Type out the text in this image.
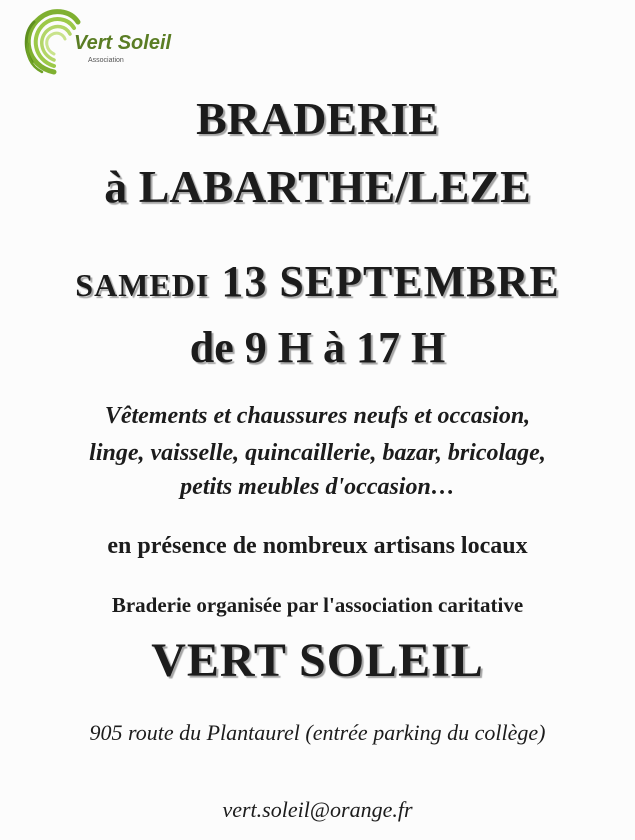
Vert Soleil
Association
BRADERIE
à LABARTHE/LEZE
SAMEDI 13 SEPTEMBRE
de 9 H à 17 H
Vêtements et chaussures neufs et occasion,
linge, vaisselle, quincaillerie, bazar, bricolage,
petits meubles d'occasion…
en présence de nombreux artisans locaux
Braderie organisée par l'association caritative
VERT SOLEIL
905 route du Plantaurel (entrée parking du collège)
vert.soleil@orange.fr
